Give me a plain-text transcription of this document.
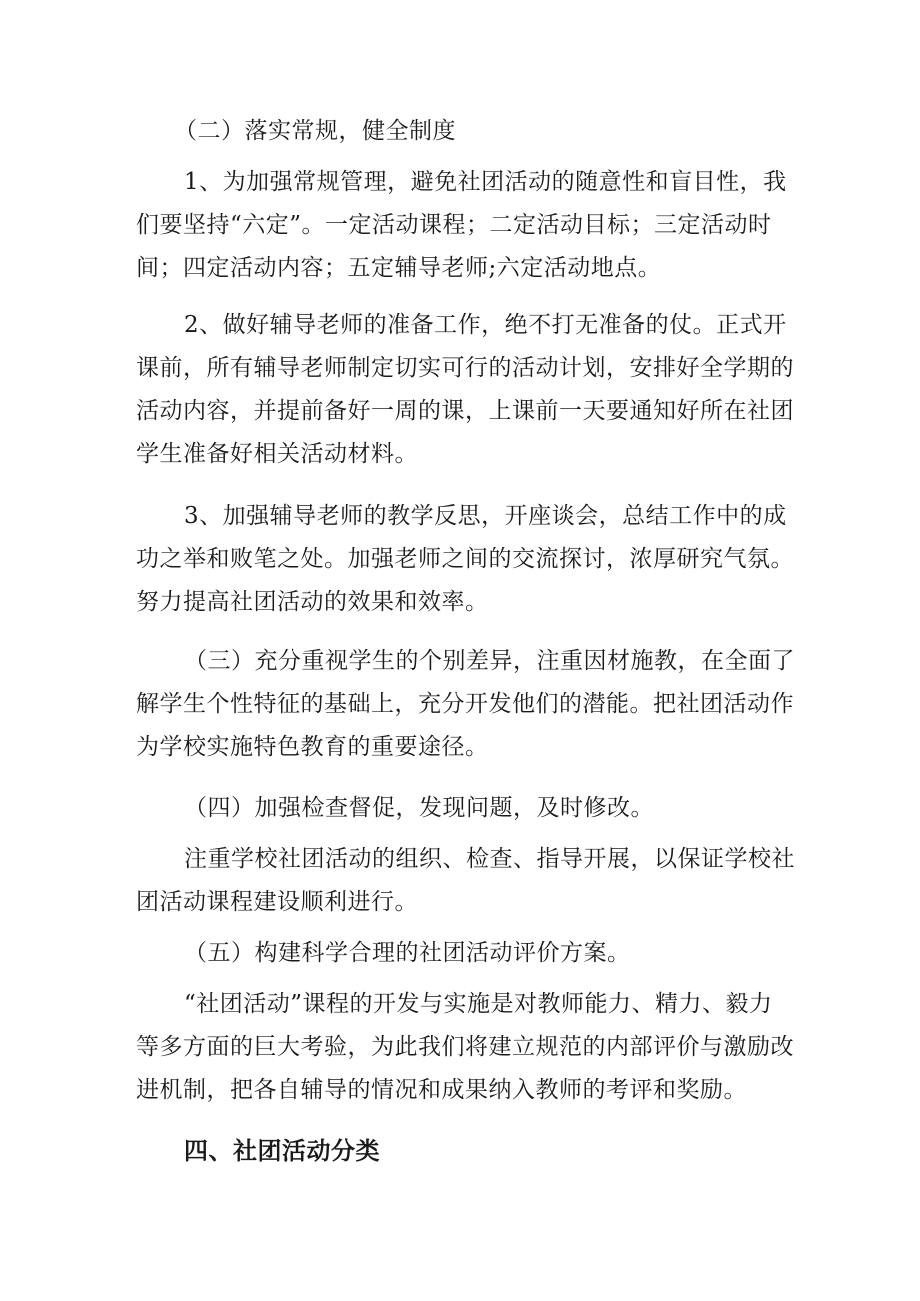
（二）落实常规，健全制度

1、为加强常规管理，避免社团活动的随意性和盲目性，我们要坚持“六定”。一定活动课程；二定活动目标；三定活动时间；四定活动内容；五定辅导老师;六定活动地点。

2、做好辅导老师的准备工作，绝不打无准备的仗。正式开课前，所有辅导老师制定切实可行的活动计划，安排好全学期的活动内容，并提前备好一周的课，上课前一天要通知好所在社团学生准备好相关活动材料。

3、加强辅导老师的教学反思，开座谈会，总结工作中的成功之举和败笔之处。加强老师之间的交流探讨，浓厚研究气氛。努力提高社团活动的效果和效率。

（三）充分重视学生的个别差异，注重因材施教，在全面了解学生个性特征的基础上，充分开发他们的潜能。把社团活动作为学校实施特色教育的重要途径。

（四）加强检查督促，发现问题，及时修改。

注重学校社团活动的组织、检查、指导开展，以保证学校社团活动课程建设顺利进行。

（五）构建科学合理的社团活动评价方案。

“社团活动”课程的开发与实施是对教师能力、精力、毅力等多方面的巨大考验，为此我们将建立规范的内部评价与激励改进机制，把各自辅导的情况和成果纳入教师的考评和奖励。

四、社团活动分类
